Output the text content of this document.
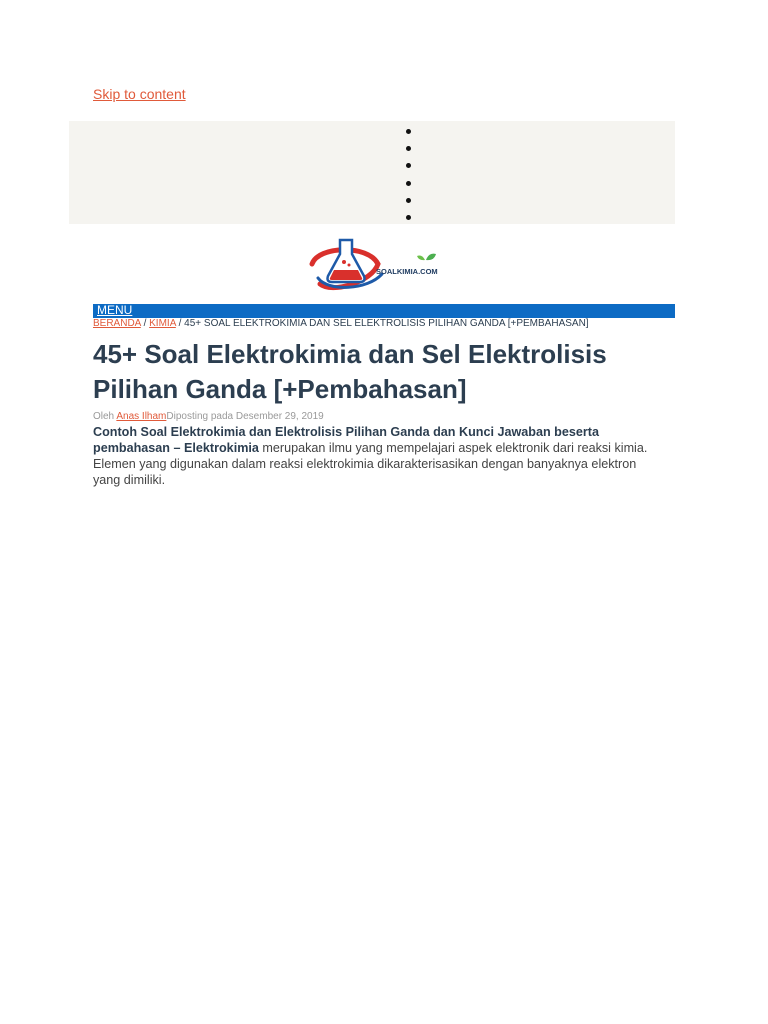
Skip to content
SOALKIMIA.COM
MENU
BERANDA / KIMIA / 45+ SOAL ELEKTROKIMIA DAN SEL ELEKTROLISIS PILIHAN GANDA [+PEMBAHASAN]
45+ Soal Elektrokimia dan Sel Elektrolisis Pilihan Ganda [+Pembahasan]
Oleh Anas IlhamDiposting pada Desember 29, 2019

Contoh Soal Elektrokimia dan Elektrolisis Pilihan Ganda dan Kunci Jawaban beserta pembahasan – Elektrokimia merupakan ilmu yang mempelajari aspek elektronik dari reaksi kimia. Elemen yang digunakan dalam reaksi elektrokimia dikarakterisasikan dengan banyaknya elektron yang dimiliki.
